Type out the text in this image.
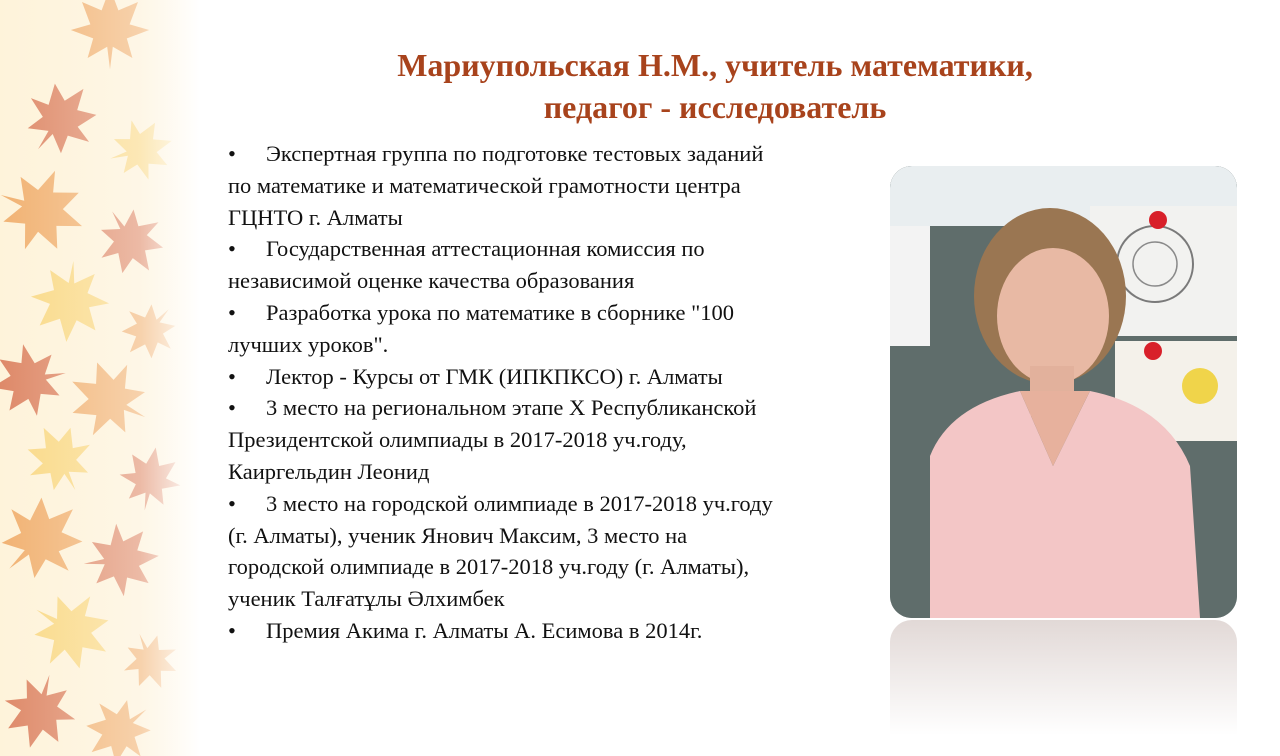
Мариупольская Н.М., учитель математики,
педагог - исследователь
• Экспертная группа по подготовке тестовых заданий
по математике и математической грамотности центра
ГЦНТО г. Алматы
• Государственная аттестационная комиссия по
независимой оценке качества образования
• Разработка урока по математике в сборнике "100
лучших уроков".
• Лектор - Курсы от ГМК (ИПКПКСО) г. Алматы
• 3 место на региональном этапе Х Республиканской
Президентской олимпиады в 2017-2018 уч.году,
Каиргельдин Леонид
• 3 место на городской олимпиаде в 2017-2018 уч.году
(г. Алматы), ученик Янович Максим, 3 место на
городской олимпиаде в 2017-2018 уч.году (г. Алматы),
ученик Талғатұлы Әлхимбек
• Премия Акима г. Алматы А. Есимова в 2014г.
